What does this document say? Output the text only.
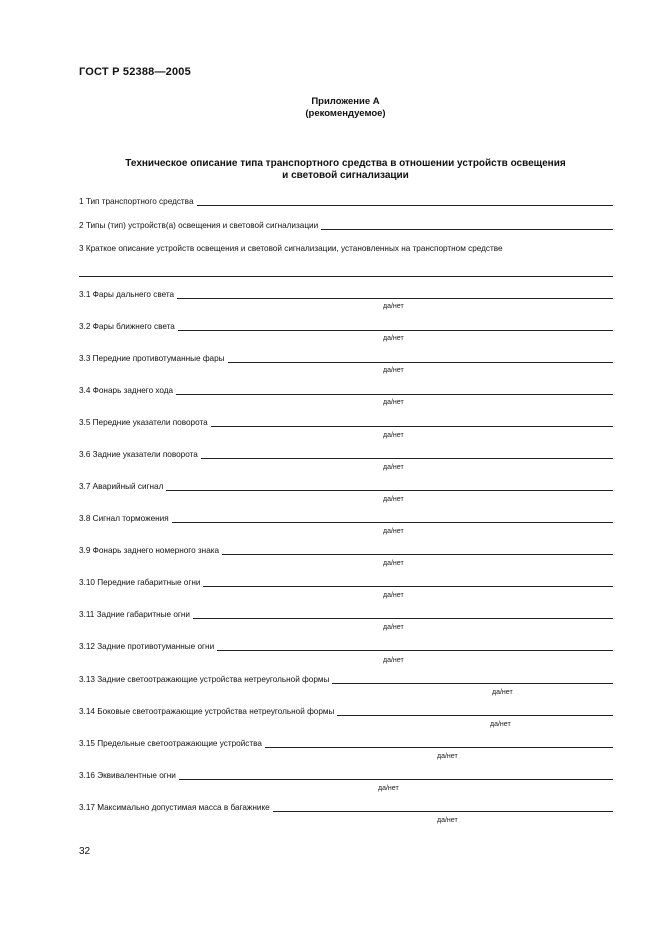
ГОСТ Р 52388—2005
Приложение А
(рекомендуемое)
Техническое описание типа транспортного средства в отношении устройств освещения
и световой сигнализации
1 Тип транспортного средства
2 Типы (тип) устройств(а) освещения и световой сигнализации
3 Краткое описание устройств освещения и световой сигнализации, установленных на транспортном средстве
3.1 Фары дальнего света
да/нет
3.2 Фары ближнего света
да/нет
3.3 Передние противотуманные фары
да/нет
3.4 Фонарь заднего хода
да/нет
3.5 Передние указатели поворота
да/нет
3.6 Задние указатели поворота
да/нет
3.7 Аварийный сигнал
да/нет
3.8 Сигнал торможения
да/нет
3.9 Фонарь заднего номерного знака
да/нет
3.10 Передние габаритные огни
да/нет
3.11 Задние габаритные огни
да/нет
3.12 Задние противотуманные огни
да/нет
3.13 Задние светоотражающие устройства нетреугольной формы
да/нет
3.14 Боковые светоотражающие устройства нетреугольной формы
да/нет
3.15 Предельные светоотражающие устройства
да/нет
3.16 Эквивалентные огни
да/нет
3.17 Максимально допустимая масса в багажнике
да/нет
32
